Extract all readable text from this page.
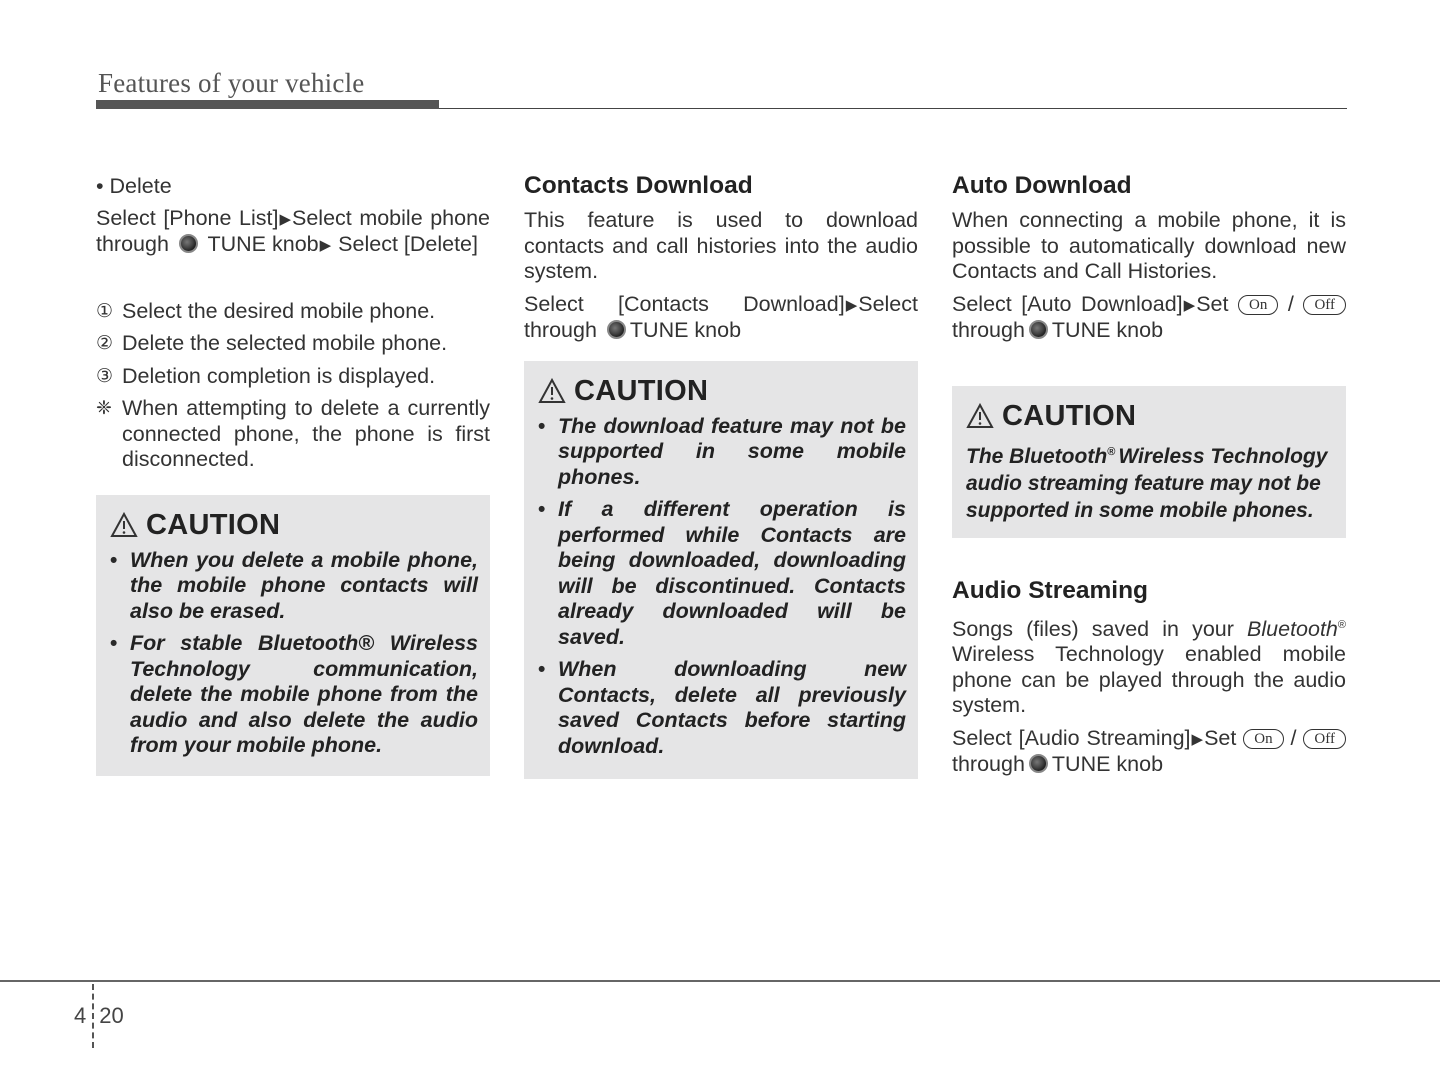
Features of your vehicle

• Delete

Select [Phone List]▶Select mobile phone through TUNE knob▶ Select [Delete]

① Select the desired mobile phone.
② Delete the selected mobile phone.
③ Deletion completion is displayed.
❈ When attempting to delete a currently connected phone, the phone is first disconnected.
CAUTION
• When you delete a mobile phone, the mobile phone contacts will also be erased.
• For stable Bluetooth® Wireless Technology communication, delete the mobile phone from the audio and also delete the audio from your mobile phone.
Contacts Download

This feature is used to download contacts and call histories into the audio system.

Select [Contacts Download]▶Select through TUNE knob

CAUTION
• The download feature may not be supported in some mobile phones.
• If a different operation is performed while Contacts are being downloaded, downloading will be discontinued. Contacts already downloaded will be saved.
• When downloading new Contacts, delete all previously saved Contacts before starting download.
Auto Download

When connecting a mobile phone, it is possible to automatically download new Contacts and Call Histories.

Select [Auto Download]▶Set On / Off through TUNE knob

CAUTION
The Bluetooth® Wireless Technology audio streaming feature may not be supported in some mobile phones.
Audio Streaming

Songs (files) saved in your Bluetooth® Wireless Technology enabled mobile phone can be played through the audio system.

Select [Audio Streaming]▶Set On / Off through TUNE knob

4 20
